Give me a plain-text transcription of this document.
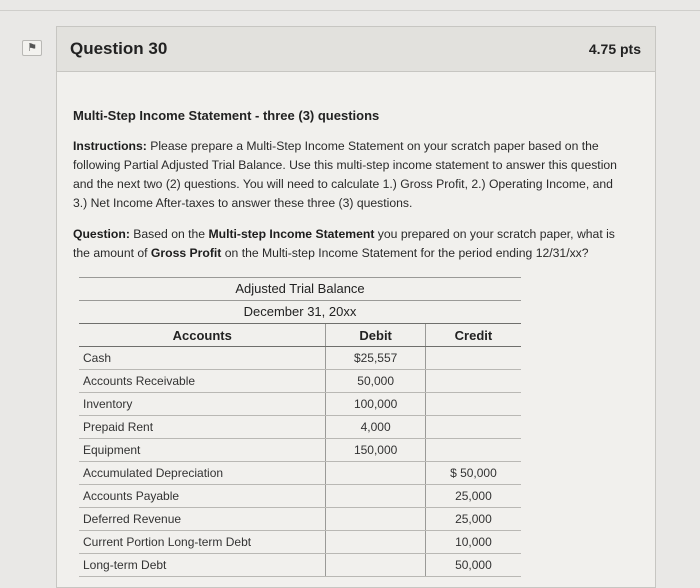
⚑ Question 30	4.75 pts
Multi-Step Income Statement - three (3) questions
Instructions: Please prepare a Multi-Step Income Statement on your scratch paper based on the following Partial Adjusted Trial Balance. Use this multi-step income statement to answer this question and the next two (2) questions. You will need to calculate 1.) Gross Profit, 2.) Operating Income, and 3.) Net Income After-taxes to answer these three (3) questions.
Question: Based on the Multi-step Income Statement you prepared on your scratch paper, what is the amount of Gross Profit on the Multi-step Income Statement for the period ending 12/31/xx?
Adjusted Trial Balance
December 31, 20xx
Accounts	Debit	Credit
Cash	$25,557	
Accounts Receivable	50,000	
Inventory	100,000	
Prepaid Rent	4,000	
Equipment	150,000	
Accumulated Depreciation		$ 50,000
Accounts Payable		25,000
Deferred Revenue		25,000
Current Portion Long-term Debt		10,000
Long-term Debt		50,000
